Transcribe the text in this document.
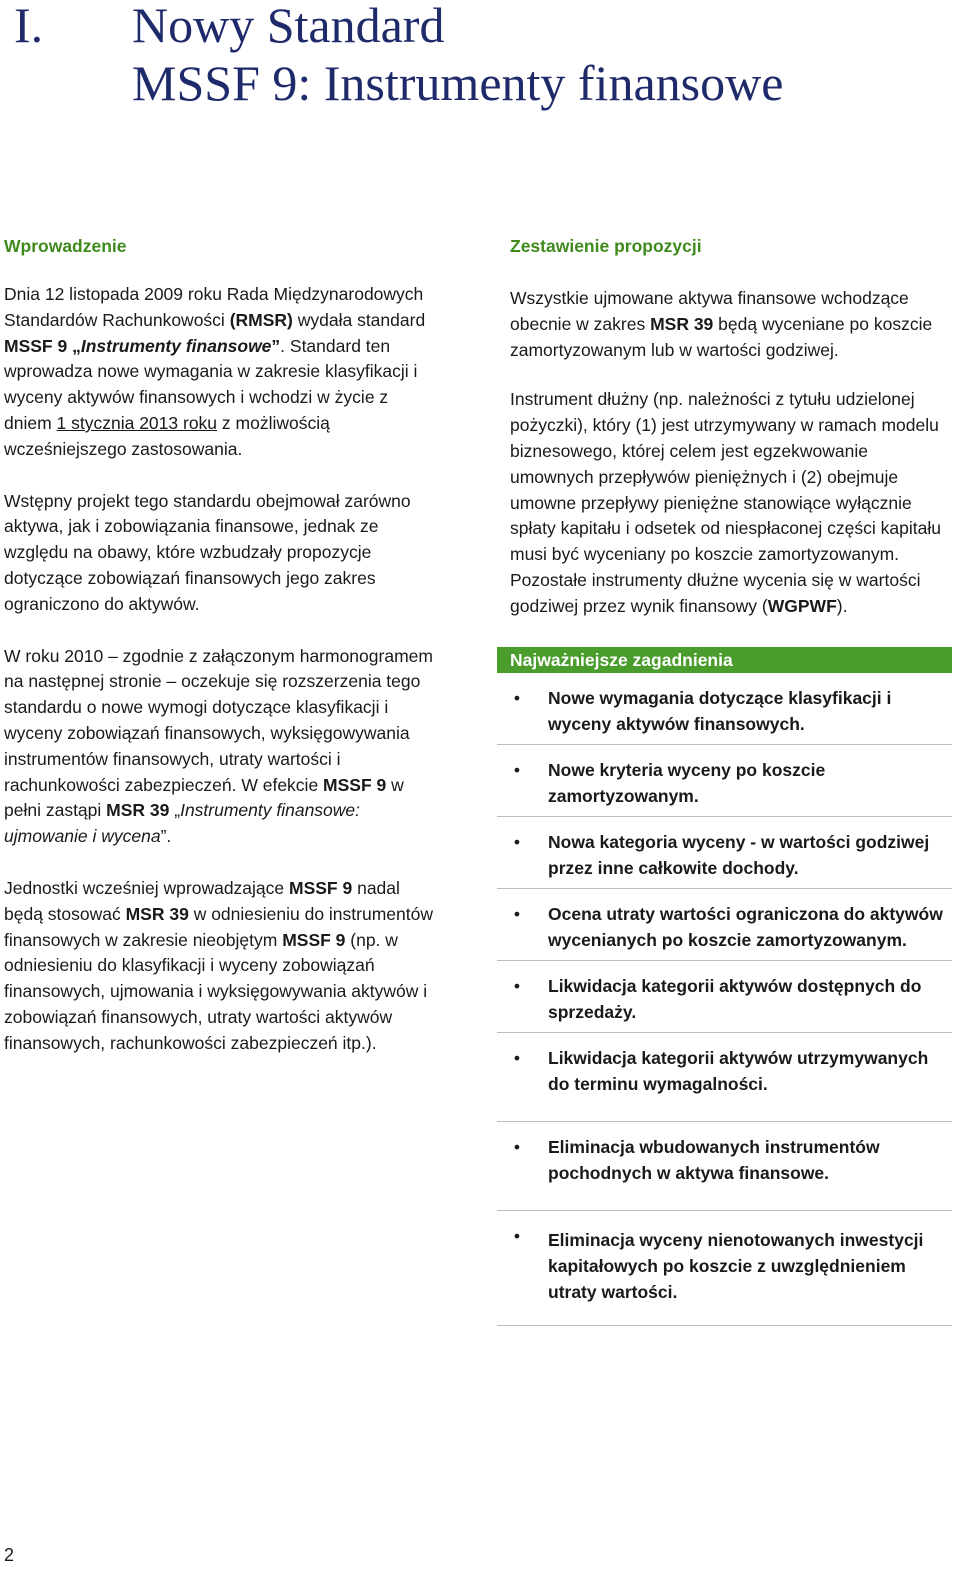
I.	Nowy Standard
MSSF 9: Instrumenty finansowe
Wprowadzenie

Dnia 12 listopada 2009 roku Rada Międzynarodowych Standardów Rachunkowości (RMSR) wydała standard MSSF 9 „Instrumenty finansowe”. Standard ten wprowadza nowe wymagania w zakresie klasyfikacji i wyceny aktywów finansowych i wchodzi w życie z dniem 1 stycznia 2013 roku z możliwością wcześniejszego zastosowania.

Wstępny projekt tego standardu obejmował zarówno aktywa, jak i zobowiązania finansowe, jednak ze względu na obawy, które wzbudzały propozycje dotyczące zobowiązań finansowych jego zakres ograniczono do aktywów.

W roku 2010 – zgodnie z załączonym harmonogramem na następnej stronie – oczekuje się rozszerzenia tego standardu o nowe wymogi dotyczące klasyfikacji i wyceny zobowiązań finansowych, wyksięgowywania instrumentów finansowych, utraty wartości i rachunkowości zabezpieczeń. W efekcie MSSF 9 w pełni zastąpi MSR 39 „Instrumenty finansowe: ujmowanie i wycena”.

Jednostki wcześniej wprowadzające MSSF 9 nadal będą stosować MSR 39 w odniesieniu do instrumentów finansowych w zakresie nieobjętym MSSF 9 (np. w odniesieniu do klasyfikacji i wyceny zobowiązań finansowych, ujmowania i wyksięgowywania aktywów i zobowiązań finansowych, utraty wartości aktywów finansowych, rachunkowości zabezpieczeń itp.).

Zestawienie propozycji

Wszystkie ujmowane aktywa finansowe wchodzące obecnie w zakres MSR 39 będą wyceniane po koszcie zamortyzowanym lub w wartości godziwej.

Instrument dłużny (np. należności z tytułu udzielonej pożyczki), który (1) jest utrzymywany w ramach modelu biznesowego, której celem jest egzekwowanie umownych przepływów pieniężnych i (2) obejmuje umowne przepływy pieniężne stanowiące wyłącznie spłaty kapitału i odsetek od niespłaconej części kapitału musi być wyceniany po koszcie zamortyzowanym. Pozostałe instrumenty dłużne wycenia się w wartości godziwej przez wynik finansowy (WGPWF).

Najważniejsze zagadnienia
• Nowe wymagania dotyczące klasyfikacji i wyceny aktywów finansowych.
• Nowe kryteria wyceny po koszcie zamortyzowanym.
• Nowa kategoria wyceny - w wartości godziwej przez inne całkowite dochody.
• Ocena utraty wartości ograniczona do aktywów wycenianych po koszcie zamortyzowanym.
• Likwidacja kategorii aktywów dostępnych do sprzedaży.
• Likwidacja kategorii aktywów utrzymywanych do terminu wymagalności.
• Eliminacja wbudowanych instrumentów pochodnych w aktywa finansowe.
• Eliminacja wyceny nienotowanych inwestycji kapitałowych po koszcie z uwzględnieniem utraty wartości.
2
